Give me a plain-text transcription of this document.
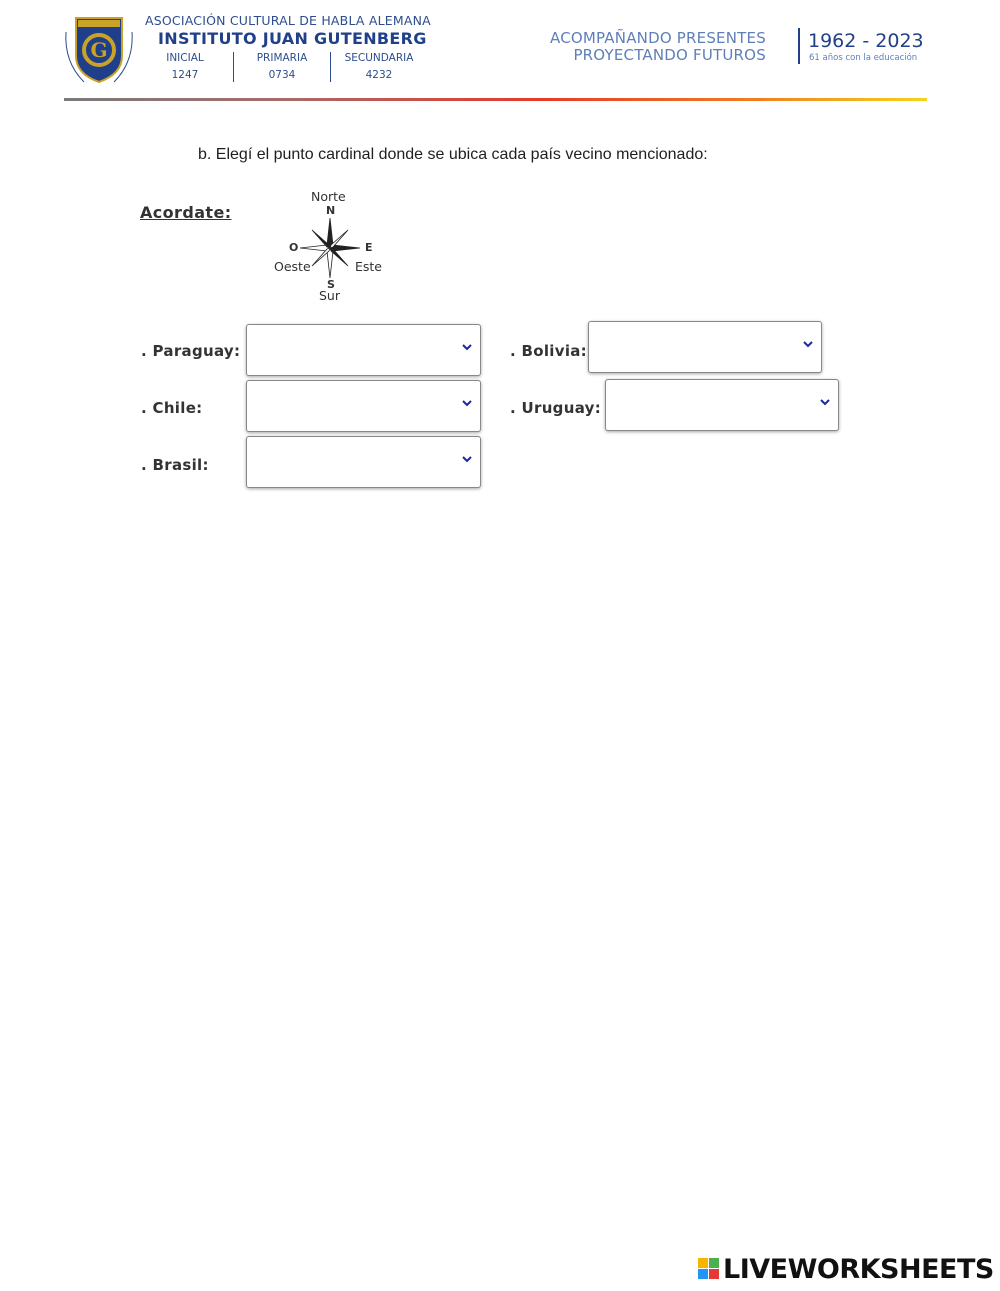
G
ASOCIACIÓN CULTURAL DE HABLA ALEMANA
INSTITUTO JUAN GUTENBERG
INICIAL
1247
PRIMARIA
0734
SECUNDARIA
4232
ACOMPAÑANDO PRESENTES
PROYECTANDO FUTUROS
1962 - 2023
61 años con la educación
b. Elegí el punto cardinal donde se ubica cada país vecino mencionado:
Acordate:
Norte
N
O
Oeste
E
Este
S
Sur
. Paraguay:	. Bolivia:
. Chile:	. Uruguay:
. Brasil:
LIVEWORKSHEETS
